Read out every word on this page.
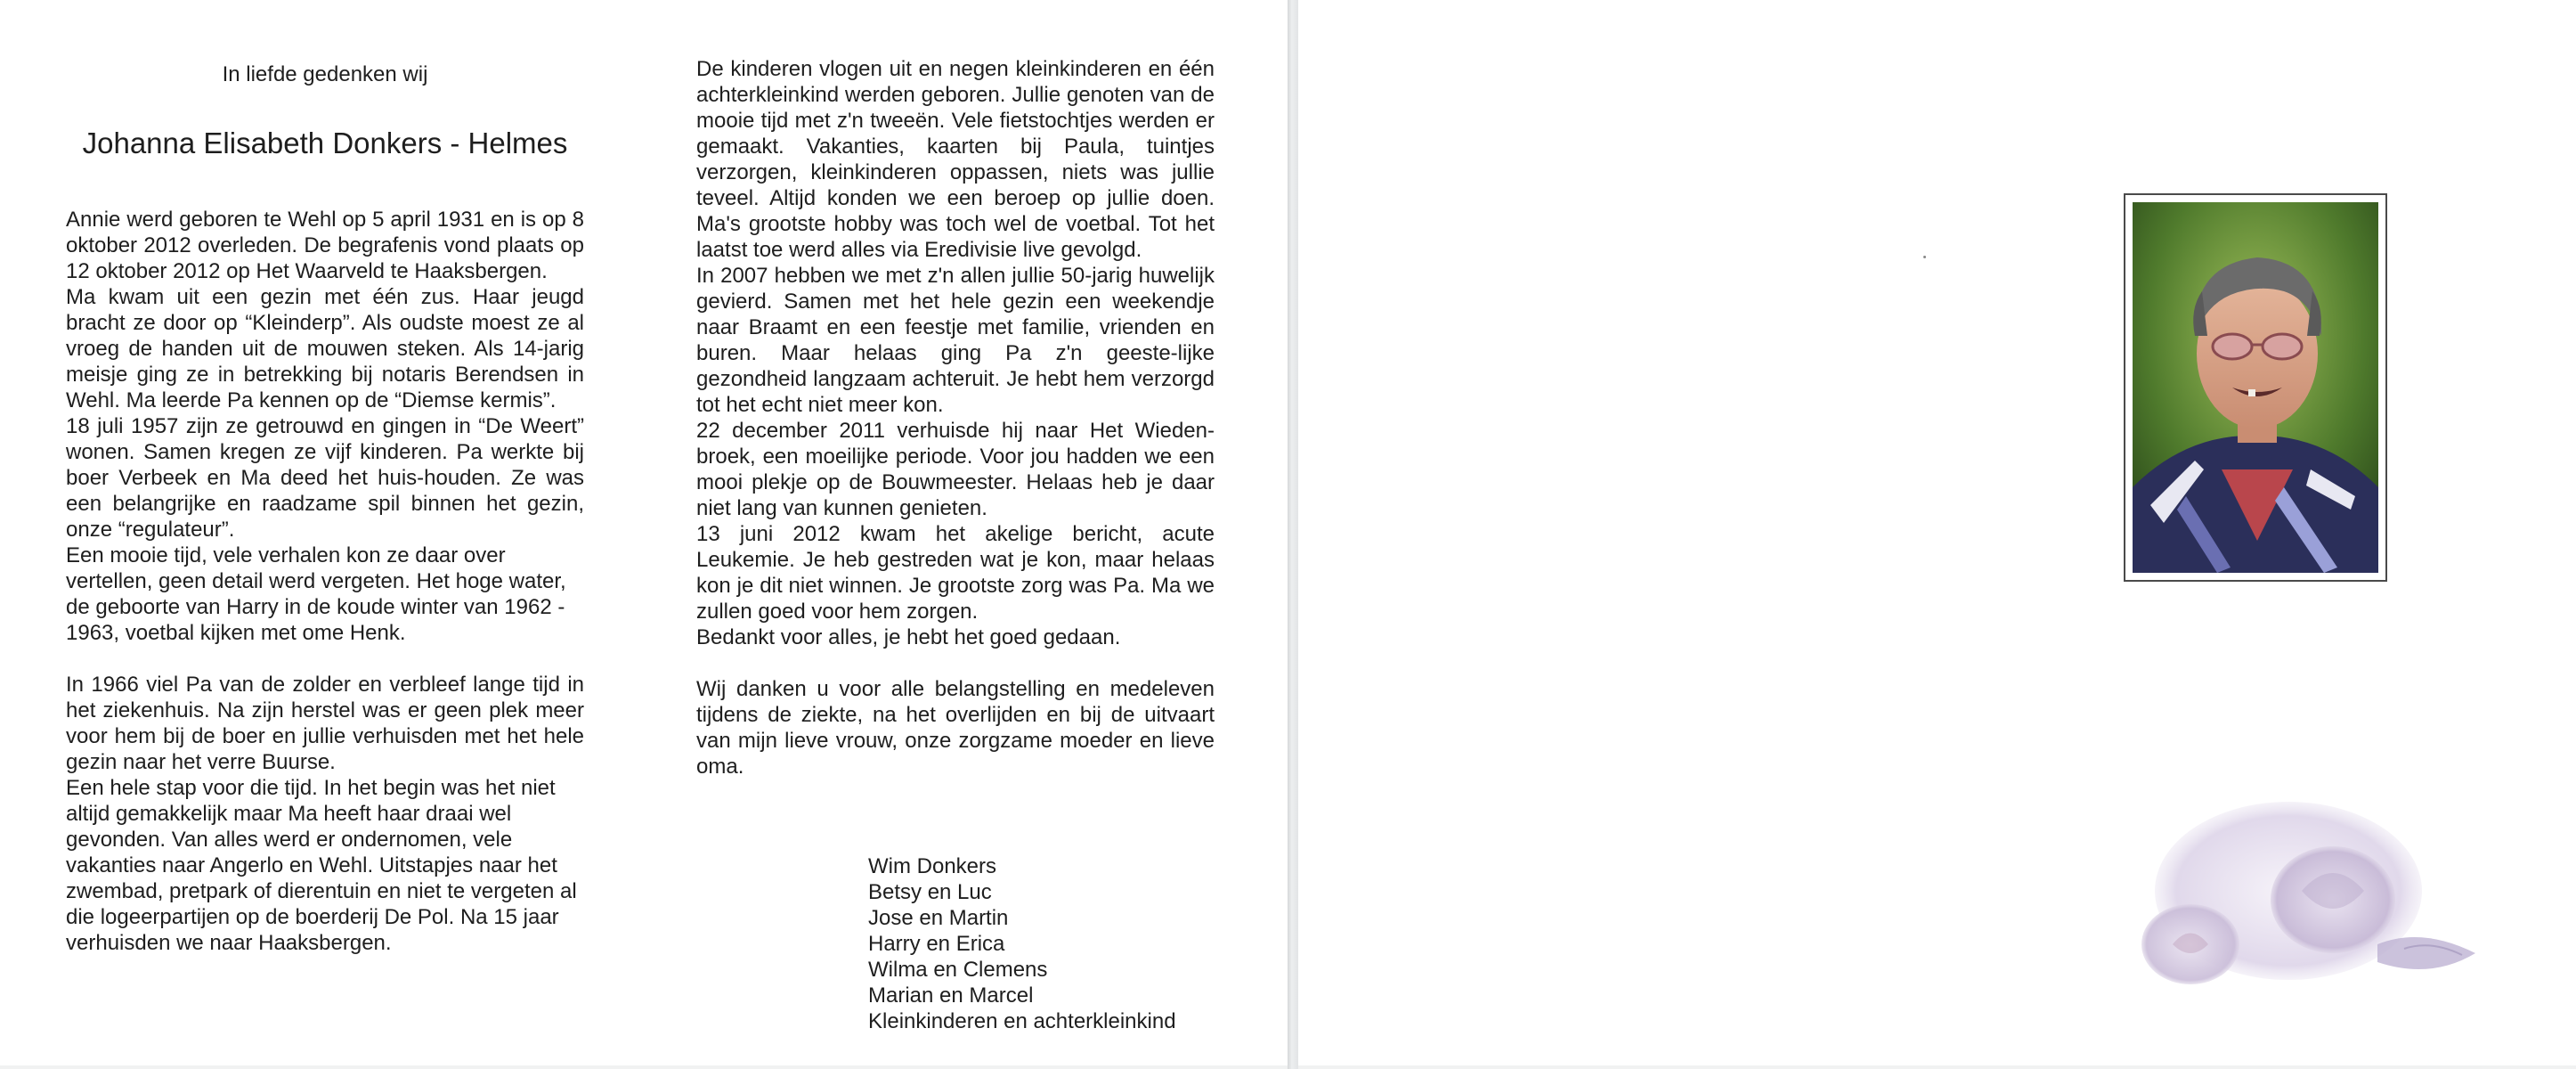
In liefde gedenken wij
Johanna Elisabeth Donkers - Helmes

Annie werd geboren te Wehl op 5 april 1931 en is op 8 oktober 2012 overleden. De begrafenis vond plaats op 12 oktober 2012 op Het Waarveld te Haaksbergen.

Ma kwam uit een gezin met één zus. Haar jeugd bracht ze door op “Kleinderp”. Als oudste moest ze al vroeg de handen uit de mouwen steken. Als 14-jarig meisje ging ze in betrekking bij notaris Berendsen in Wehl. Ma leerde Pa kennen op de “Diemse kermis”.

18 juli 1957 zijn ze getrouwd en gingen in “De Weert” wonen. Samen kregen ze vijf kinderen. Pa werkte bij boer Verbeek en Ma deed het huis-houden. Ze was een belangrijke en raadzame spil binnen het gezin, onze “regulateur”.

Een mooie tijd, vele verhalen kon ze daar over vertellen, geen detail werd vergeten. Het hoge water, de geboorte van Harry in de koude winter van 1962 - 1963, voetbal kijken met ome Henk.

In 1966 viel Pa van de zolder en verbleef lange tijd in het ziekenhuis. Na zijn herstel was er geen plek meer voor hem bij de boer en jullie verhuisden met het hele gezin naar het verre Buurse.

Een hele stap voor die tijd. In het begin was het niet altijd gemakkelijk maar Ma heeft haar draai wel gevonden. Van alles werd er ondernomen, vele vakanties naar Angerlo en Wehl. Uitstapjes naar het zwembad, pretpark of dierentuin en niet te vergeten al die logeerpartijen op de boerderij De Pol. Na 15 jaar verhuisden we naar Haaksbergen.

De kinderen vlogen uit en negen kleinkinderen en één achterkleinkind werden geboren. Jullie genoten van de mooie tijd met z'n tweeën. Vele fietstochtjes werden er gemaakt. Vakanties, kaarten bij Paula, tuintjes verzorgen, kleinkinderen oppassen, niets was jullie teveel. Altijd konden we een beroep op jullie doen. Ma's grootste hobby was toch wel de voetbal. Tot het laatst toe werd alles via Eredivisie live gevolgd.

In 2007 hebben we met z'n allen jullie 50-jarig huwelijk gevierd. Samen met het hele gezin een weekendje naar Braamt en een feestje met familie, vrienden en buren. Maar helaas ging Pa z'n geeste-lijke gezondheid langzaam achteruit. Je hebt hem verzorgd tot het echt niet meer kon.

22 december 2011 verhuisde hij naar Het Wieden-broek, een moeilijke periode. Voor jou hadden we een mooi plekje op de Bouwmeester. Helaas heb je daar niet lang van kunnen genieten.

13 juni 2012 kwam het akelige bericht, acute Leukemie. Je heb gestreden wat je kon, maar helaas kon je dit niet winnen. Je grootste zorg was Pa. Ma we zullen goed voor hem zorgen.

Bedankt voor alles, je hebt het goed gedaan.

Wij danken u voor alle belangstelling en medeleven tijdens de ziekte, na het overlijden en bij de uitvaart van mijn lieve vrouw, onze zorgzame moeder en lieve oma.

Wim Donkers
Betsy en Luc
Jose en Martin
Harry en Erica
Wilma en Clemens
Marian en Marcel
Kleinkinderen en achterkleinkind
